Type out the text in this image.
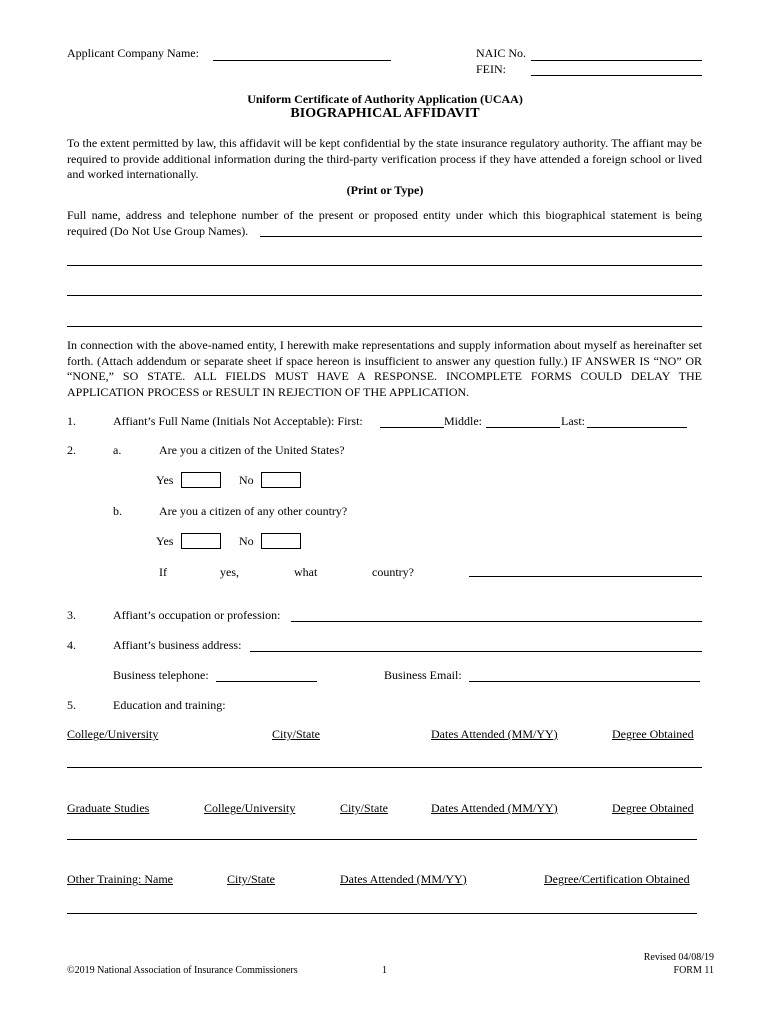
Applicant Company Name:	NAIC No.
FEIN:
Uniform Certificate of Authority Application (UCAA)
BIOGRAPHICAL AFFIDAVIT
To the extent permitted by law, this affidavit will be kept confidential by the state insurance regulatory authority. The affiant may be required to provide additional information during the third-party verification process if they have attended a foreign school or lived and worked internationally.
(Print or Type)
Full name, address and telephone number of the present or proposed entity under which this biographical statement is being required (Do Not Use Group Names).
In connection with the above-named entity, I herewith make representations and supply information about myself as hereinafter set forth. (Attach addendum or separate sheet if space hereon is insufficient to answer any question fully.) IF ANSWER IS “NO” OR “NONE,” SO STATE. ALL FIELDS MUST HAVE A RESPONSE. INCOMPLETE FORMS COULD DELAY THE APPLICATION PROCESS or RESULT IN REJECTION OF THE APPLICATION.
1.	Affiant’s Full Name (Initials Not Acceptable): First:	Middle:	Last:
2.	a.	Are you a citizen of the United States?
Yes	No
b.	Are you a citizen of any other country?
Yes	No
If	yes,	what	country?
3.	Affiant’s occupation or profession:
4.	Affiant’s business address:
Business telephone:	Business Email:
5.	Education and training:
College/University	City/State	Dates Attended (MM/YY)	Degree Obtained
Graduate Studies	College/University	City/State	Dates Attended (MM/YY)	Degree Obtained
Other Training: Name	City/State	Dates Attended (MM/YY)	Degree/Certification Obtained
©2019 National Association of Insurance Commissioners	1
Revised 04/08/19
FORM 11
